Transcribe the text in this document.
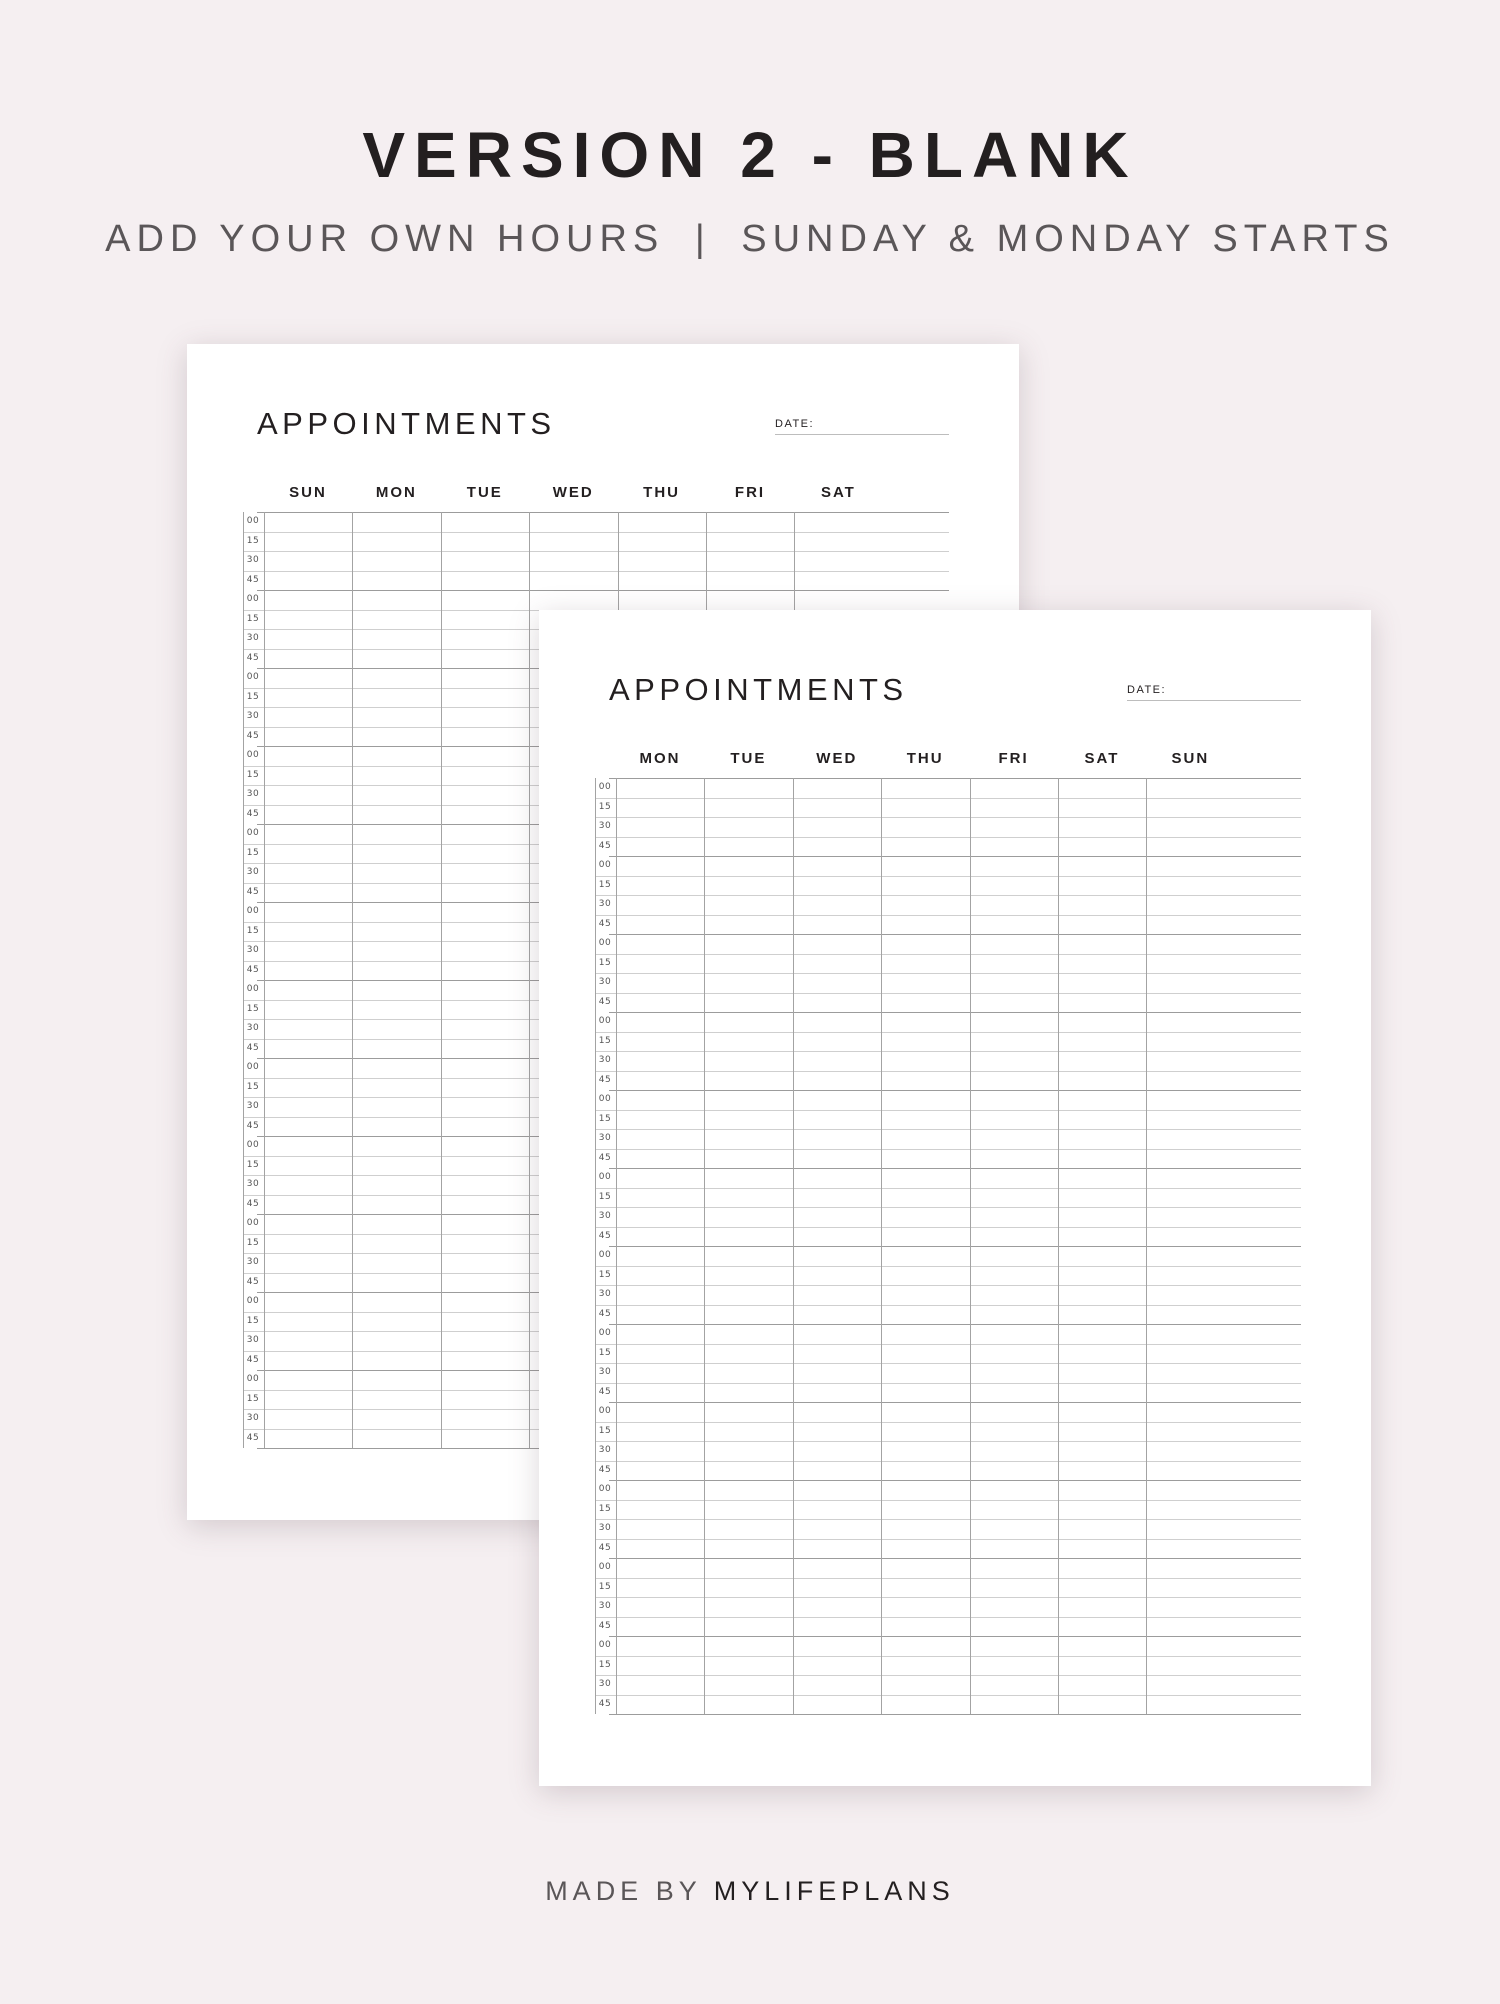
VERSION 2 - BLANK
ADD YOUR OWN HOURS | SUNDAY & MONDAY STARTS
APPOINTMENTS	DATE:
SUN	MON	TUE	WED	THU	FRI	SAT
00
15
30
45
00
15
30
45
00
15
30
45
00
15
30
45
00
15
30
45
00
15
30
45
00
15
30
45
00
15
30
45
00
15
30
45
00
15
30
45
00
15
30
45
00
15
30
45
APPOINTMENTS	DATE:
MON	TUE	WED	THU	FRI	SAT	SUN
00
15
30
45
00
15
30
45
00
15
30
45
00
15
30
45
00
15
30
45
00
15
30
45
00
15
30
45
00
15
30
45
00
15
30
45
00
15
30
45
00
15
30
45
00
15
30
45
MADE BY MYLIFEPLANS
